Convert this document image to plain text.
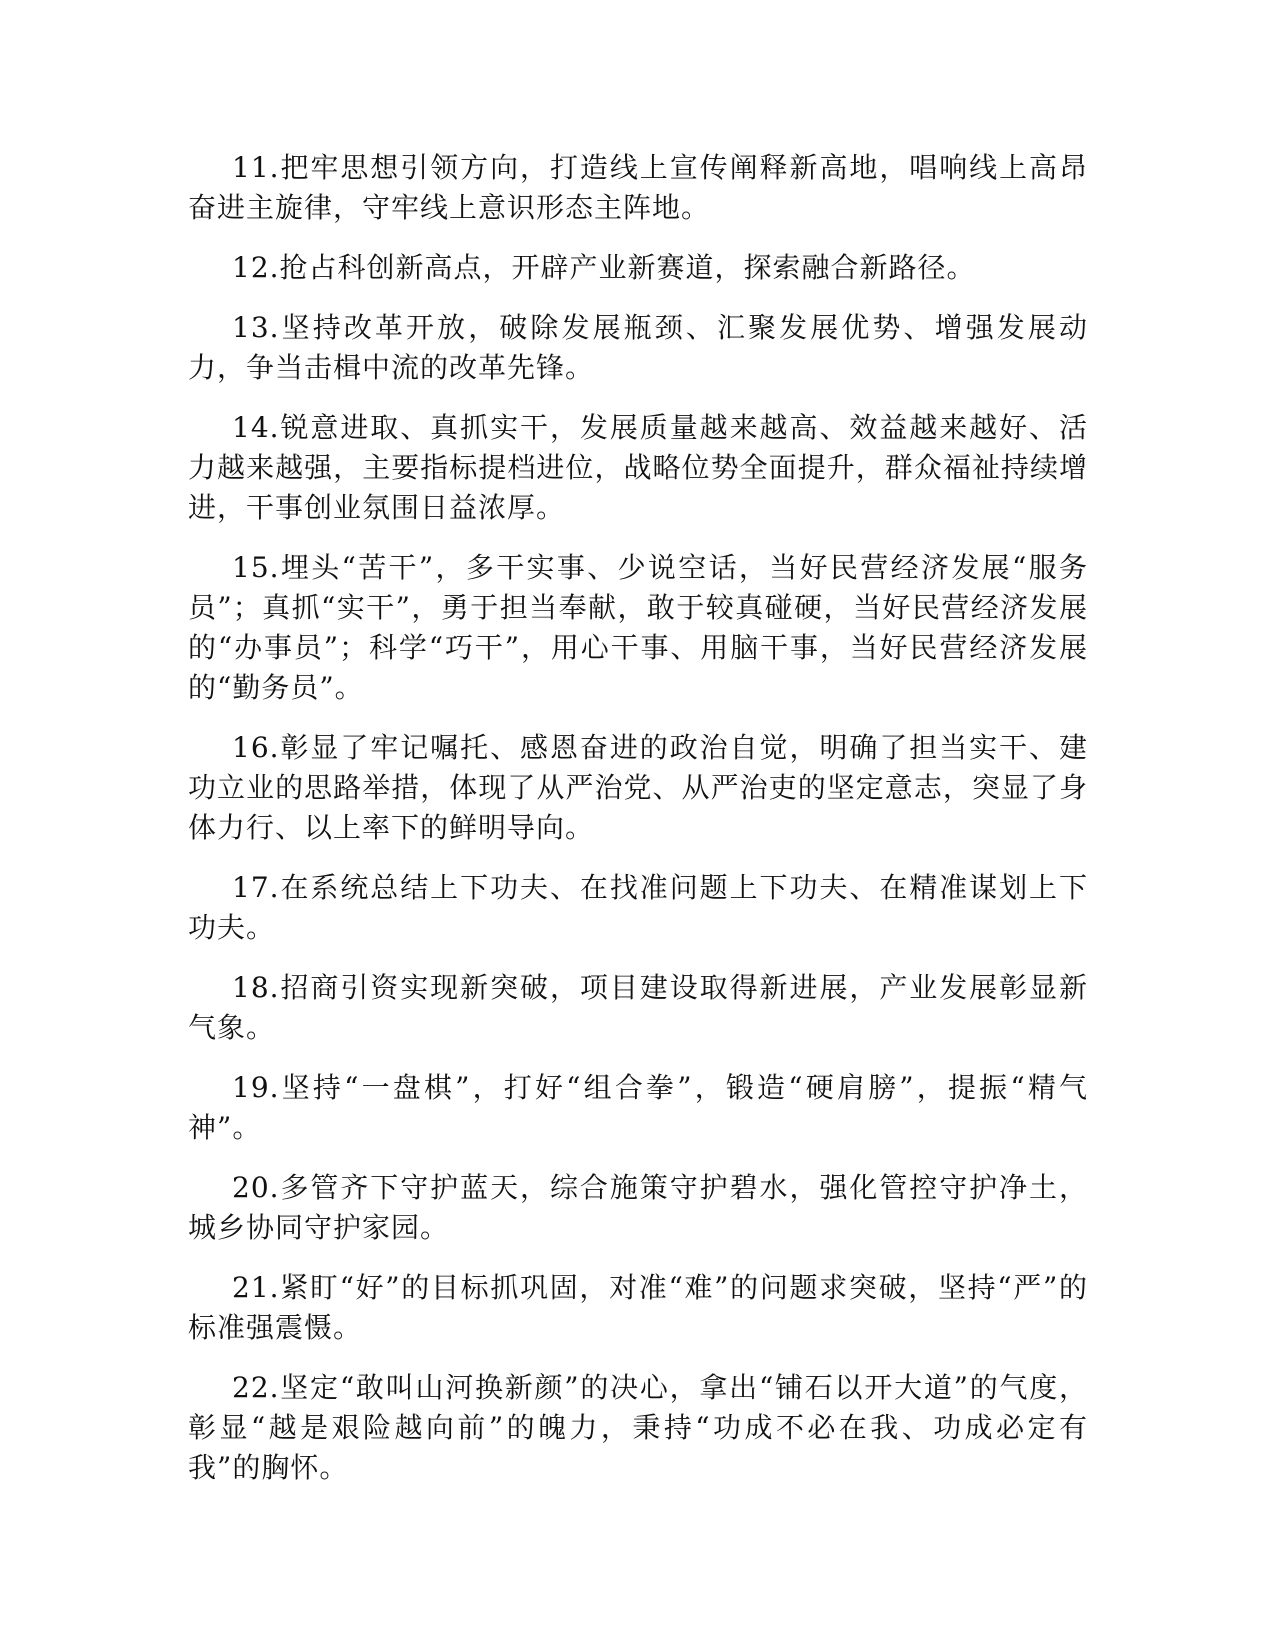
11.把牢思想引领方向，打造线上宣传阐释新高地，唱响线上高昂奋进主旋律，守牢线上意识形态主阵地。

12.抢占科创新高点，开辟产业新赛道，探索融合新路径。

13.坚持改革开放，破除发展瓶颈、汇聚发展优势、增强发展动力，争当击楫中流的改革先锋。

14.锐意进取、真抓实干，发展质量越来越高、效益越来越好、活力越来越强，主要指标提档进位，战略位势全面提升，群众福祉持续增进，干事创业氛围日益浓厚。

15.埋头“苦干”，多干实事、少说空话，当好民营经济发展“服务员”；真抓“实干”，勇于担当奉献，敢于较真碰硬，当好民营经济发展的“办事员”；科学“巧干”，用心干事、用脑干事，当好民营经济发展的“勤务员”。

16.彰显了牢记嘱托、感恩奋进的政治自觉，明确了担当实干、建功立业的思路举措，体现了从严治党、从严治吏的坚定意志，突显了身体力行、以上率下的鲜明导向。

17.在系统总结上下功夫、在找准问题上下功夫、在精准谋划上下功夫。

18.招商引资实现新突破，项目建设取得新进展，产业发展彰显新气象。

19.坚持“一盘棋”，打好“组合拳”，锻造“硬肩膀”，提振“精气神”。

20.多管齐下守护蓝天，综合施策守护碧水，强化管控守护净土，城乡协同守护家园。

21.紧盯“好”的目标抓巩固，对准“难”的问题求突破，坚持“严”的标准强震慑。

22.坚定“敢叫山河换新颜”的决心，拿出“铺石以开大道”的气度，彰显“越是艰险越向前”的魄力，秉持“功成不必在我、功成必定有我”的胸怀。
